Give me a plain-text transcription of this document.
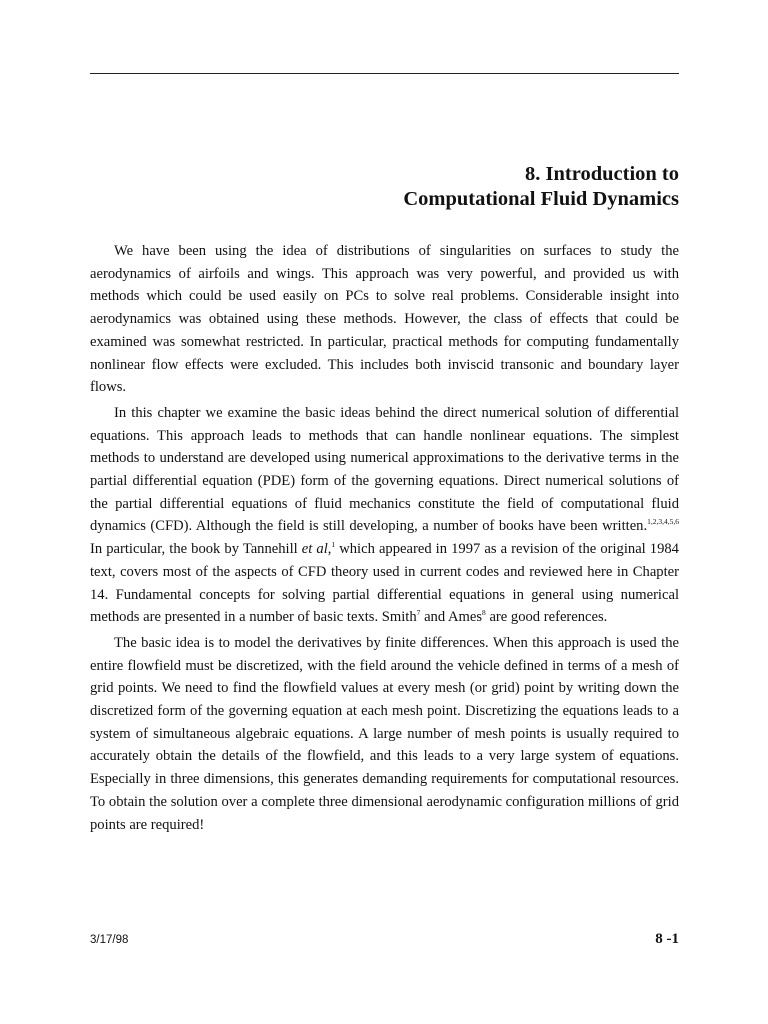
8. Introduction to
Computational Fluid Dynamics

We have been using the idea of distributions of singularities on surfaces to study the aerodynamics of airfoils and wings. This approach was very powerful, and provided us with methods which could be used easily on PCs to solve real problems. Considerable insight into aerodynamics was obtained using these methods. However, the class of effects that could be examined was somewhat restricted. In particular, practical methods for computing fundamentally nonlinear flow effects were excluded. This includes both inviscid transonic and boundary layer flows.

In this chapter we examine the basic ideas behind the direct numerical solution of differential equations. This approach leads to methods that can handle nonlinear equations. The simplest methods to understand are developed using numerical approximations to the derivative terms in the partial differential equation (PDE) form of the governing equations. Direct numerical solutions of the partial differential equations of fluid mechanics constitute the field of computational fluid dynamics (CFD). Although the field is still developing, a number of books have been written.$^{1,2,3,4,5,6}$ In particular, the book by Tannehill et al,$^1$ which appeared in 1997 as a revision of the original 1984 text, covers most of the aspects of CFD theory used in current codes and reviewed here in Chapter 14. Fundamental concepts for solving partial differential equations in general using numerical methods are presented in a number of basic texts. Smith$^7$ and Ames$^8$ are good references.

The basic idea is to model the derivatives by finite differences. When this approach is used the entire flowfield must be discretized, with the field around the vehicle defined in terms of a mesh of grid points. We need to find the flowfield values at every mesh (or grid) point by writing down the discretized form of the governing equation at each mesh point. Discretizing the equations leads to a system of simultaneous algebraic equations. A large number of mesh points is usually required to accurately obtain the details of the flowfield, and this leads to a very large system of equations. Especially in three dimensions, this generates demanding requirements for computational resources. To obtain the solution over a complete three dimensional aerodynamic configuration millions of grid points are required!

3/17/98	8 -1
